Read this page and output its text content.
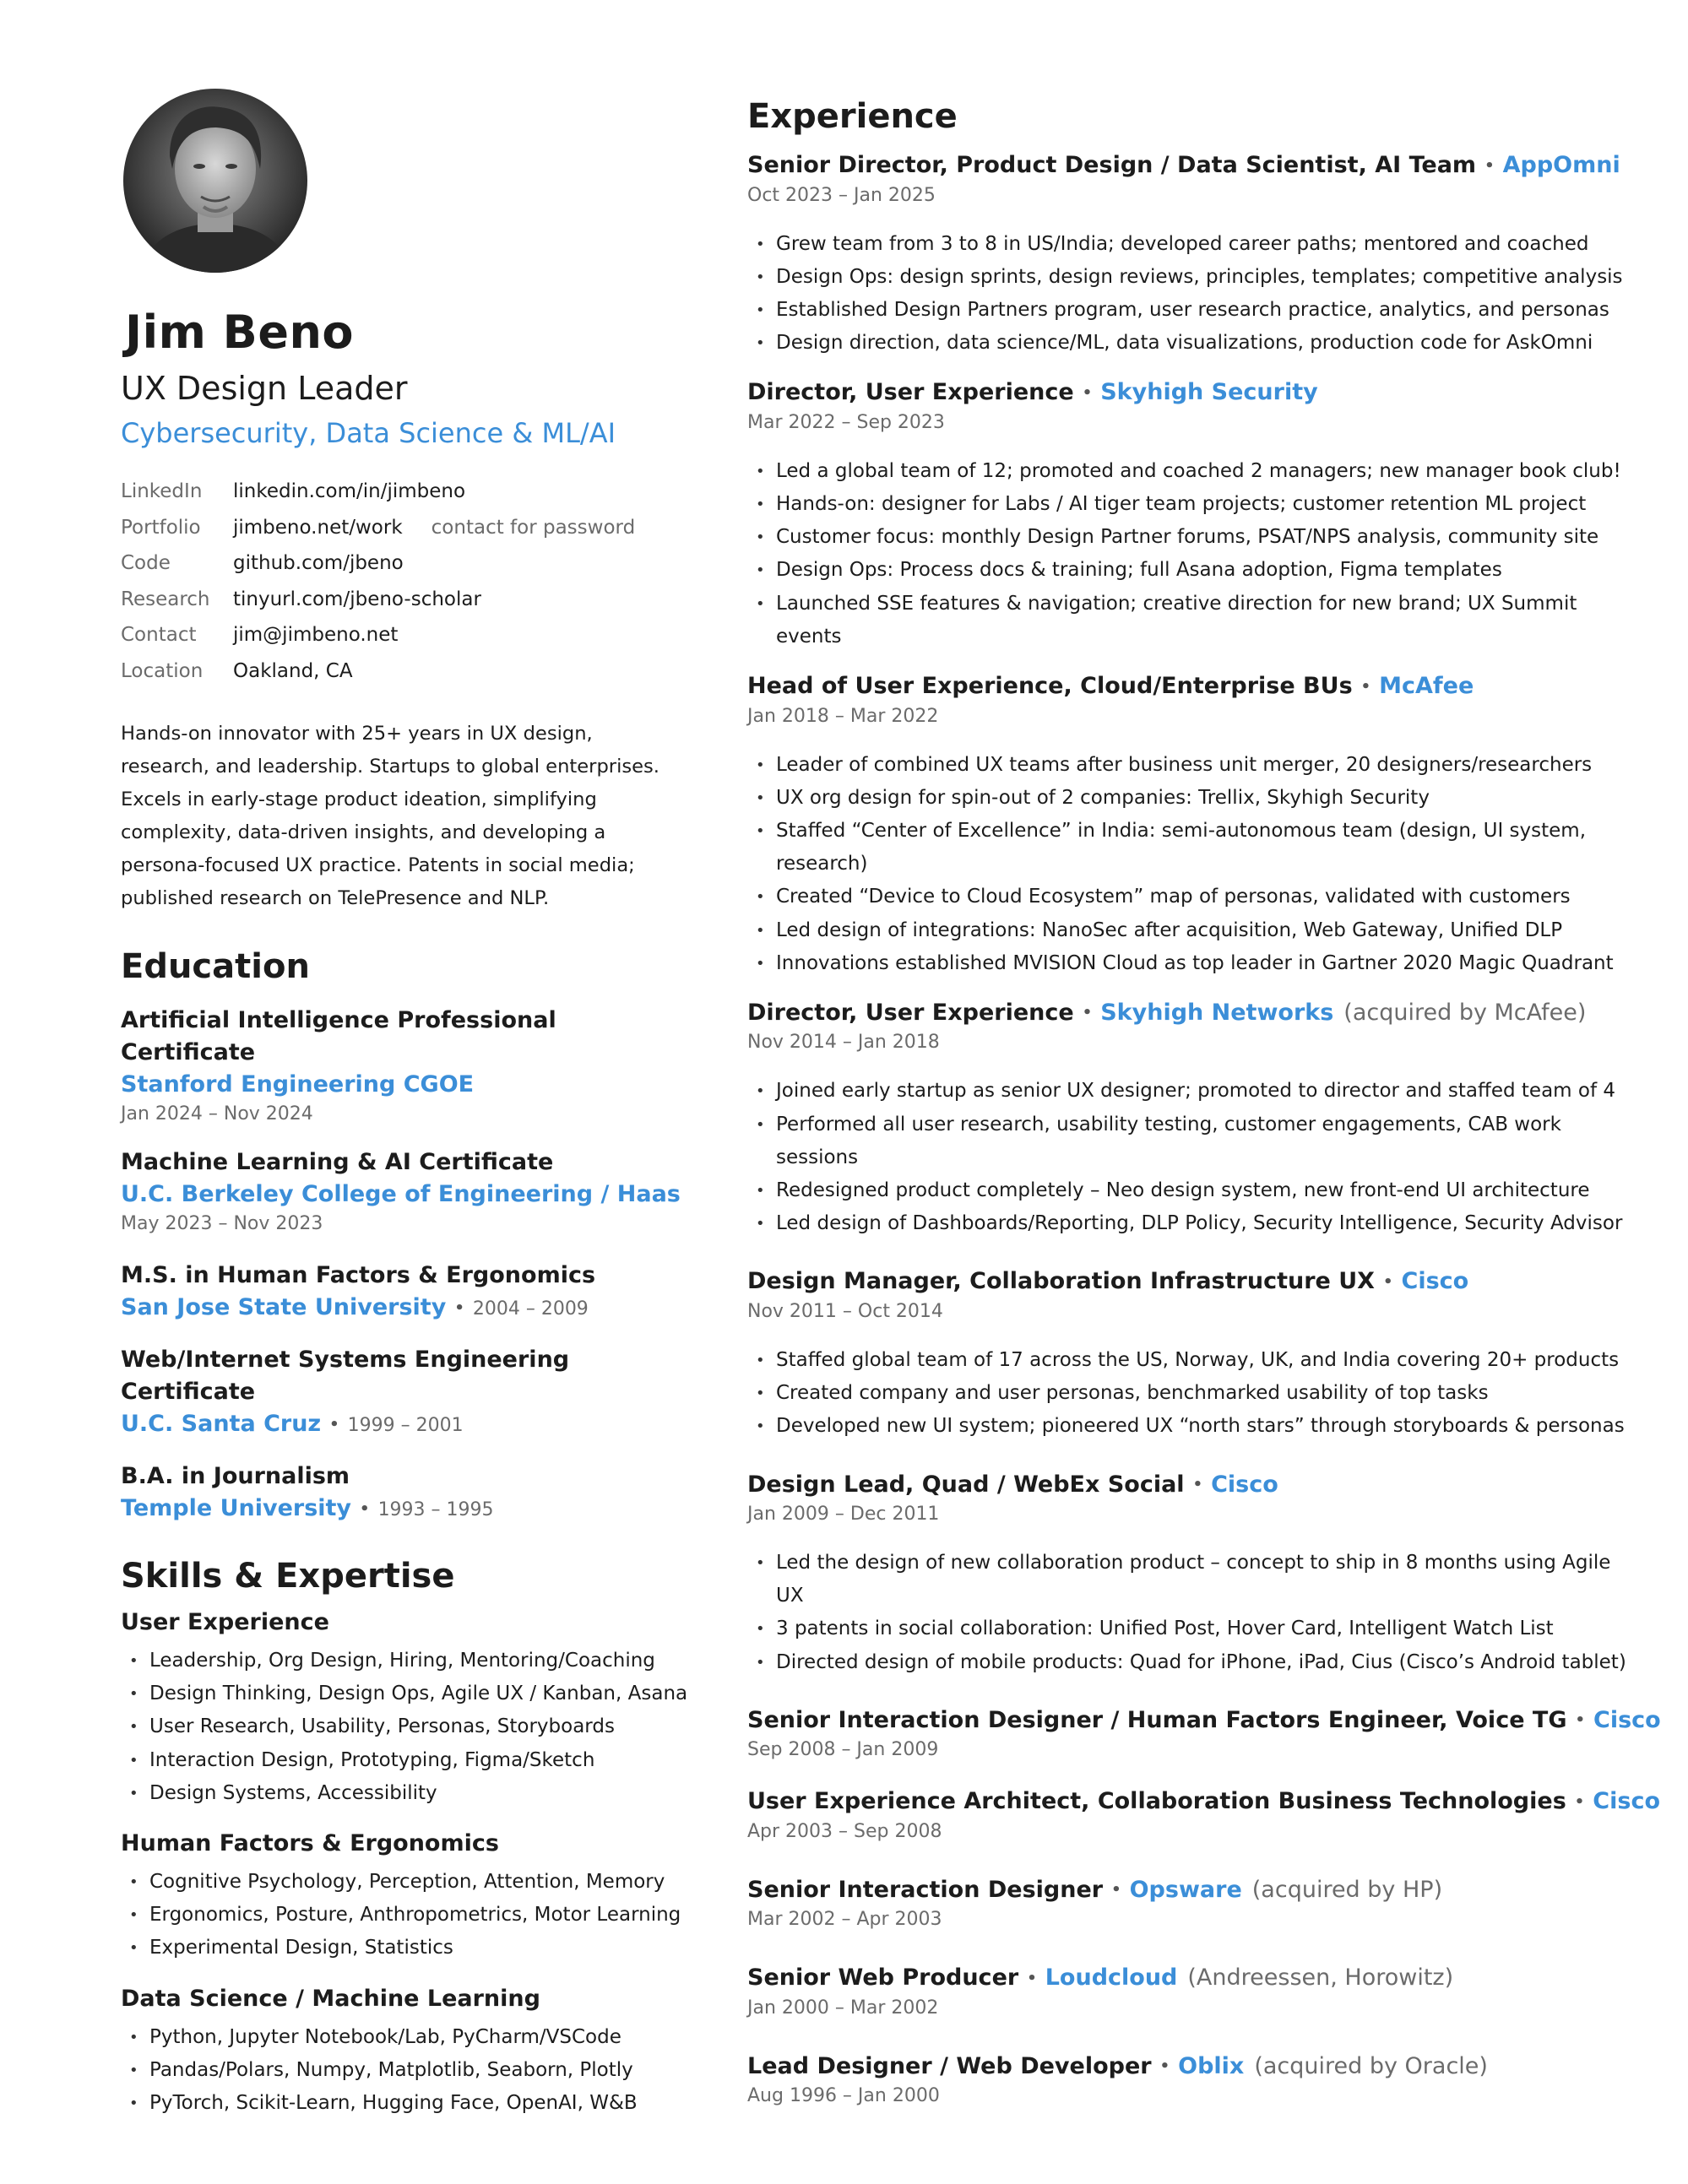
Jim Beno
UX Design Leader
Cybersecurity, Data Science & ML/AI
LinkedIn	linkedin.com/in/jimbeno
Portfolio	jimbeno.net/work contact for password
Code	github.com/jbeno
Research	tinyurl.com/jbeno-scholar
Contact	jim@jimbeno.net
Location	Oakland, CA
Hands-on innovator with 25+ years in UX design, research, and leadership. Startups to global enterprises. Excels in early-stage product ideation, simplifying complexity, data-driven insights, and developing a persona-focused UX practice. Patents in social media; published research on TelePresence and NLP.
Education
Artificial Intelligence Professional Certificate
Stanford Engineering CGOE
Jan 2024 – Nov 2024
Machine Learning & AI Certificate
U.C. Berkeley College of Engineering / Haas
May 2023 – Nov 2023
M.S. in Human Factors & Ergonomics
San Jose State University • 2004 – 2009
Web/Internet Systems Engineering Certificate
U.C. Santa Cruz • 1999 – 2001
B.A. in Journalism
Temple University • 1993 – 1995
Skills & Expertise
User Experience
• Leadership, Org Design, Hiring, Mentoring/Coaching
• Design Thinking, Design Ops, Agile UX / Kanban, Asana
• User Research, Usability, Personas, Storyboards
• Interaction Design, Prototyping, Figma/Sketch
• Design Systems, Accessibility
Human Factors & Ergonomics
• Cognitive Psychology, Perception, Attention, Memory
• Ergonomics, Posture, Anthropometrics, Motor Learning
• Experimental Design, Statistics
Data Science / Machine Learning
• Python, Jupyter Notebook/Lab, PyCharm/VSCode
• Pandas/Polars, Numpy, Matplotlib, Seaborn, Plotly
• PyTorch, Scikit-Learn, Hugging Face, OpenAI, W&B
Experience
Senior Director, Product Design / Data Scientist, AI Team • AppOmni
Oct 2023 – Jan 2025
• Grew team from 3 to 8 in US/India; developed career paths; mentored and coached
• Design Ops: design sprints, design reviews, principles, templates; competitive analysis
• Established Design Partners program, user research practice, analytics, and personas
• Design direction, data science/ML, data visualizations, production code for AskOmni
Director, User Experience • Skyhigh Security
Mar 2022 – Sep 2023
• Led a global team of 12; promoted and coached 2 managers; new manager book club!
• Hands-on: designer for Labs / AI tiger team projects; customer retention ML project
• Customer focus: monthly Design Partner forums, PSAT/NPS analysis, community site
• Design Ops: Process docs & training; full Asana adoption, Figma templates
• Launched SSE features & navigation; creative direction for new brand; UX Summit events
Head of User Experience, Cloud/Enterprise BUs • McAfee
Jan 2018 – Mar 2022
• Leader of combined UX teams after business unit merger, 20 designers/researchers
• UX org design for spin-out of 2 companies: Trellix, Skyhigh Security
• Staffed “Center of Excellence” in India: semi-autonomous team (design, UI system, research)
• Created “Device to Cloud Ecosystem” map of personas, validated with customers
• Led design of integrations: NanoSec after acquisition, Web Gateway, Unified DLP
• Innovations established MVISION Cloud as top leader in Gartner 2020 Magic Quadrant
Director, User Experience • Skyhigh Networks (acquired by McAfee)
Nov 2014 – Jan 2018
• Joined early startup as senior UX designer; promoted to director and staffed team of 4
• Performed all user research, usability testing, customer engagements, CAB work sessions
• Redesigned product completely – Neo design system, new front-end UI architecture
• Led design of Dashboards/Reporting, DLP Policy, Security Intelligence, Security Advisor
Design Manager, Collaboration Infrastructure UX • Cisco
Nov 2011 – Oct 2014
• Staffed global team of 17 across the US, Norway, UK, and India covering 20+ products
• Created company and user personas, benchmarked usability of top tasks
• Developed new UI system; pioneered UX “north stars” through storyboards & personas
Design Lead, Quad / WebEx Social • Cisco
Jan 2009 – Dec 2011
• Led the design of new collaboration product – concept to ship in 8 months using Agile UX
• 3 patents in social collaboration: Unified Post, Hover Card, Intelligent Watch List
• Directed design of mobile products: Quad for iPhone, iPad, Cius (Cisco’s Android tablet)
Senior Interaction Designer / Human Factors Engineer, Voice TG • Cisco
Sep 2008 – Jan 2009
User Experience Architect, Collaboration Business Technologies • Cisco
Apr 2003 – Sep 2008
Senior Interaction Designer • Opsware (acquired by HP)
Mar 2002 – Apr 2003
Senior Web Producer • Loudcloud (Andreessen, Horowitz)
Jan 2000 – Mar 2002
Lead Designer / Web Developer • Oblix (acquired by Oracle)
Aug 1996 – Jan 2000
